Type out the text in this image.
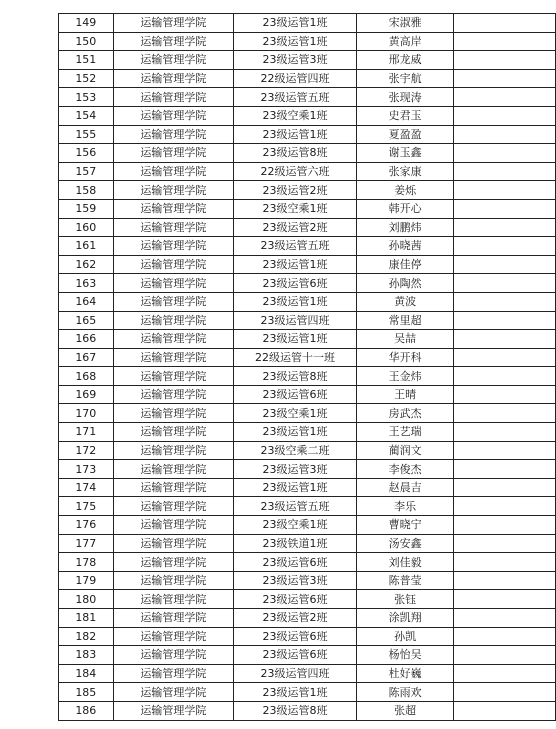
149	运输管理学院	23级运管1班	宋淑雅	
150	运输管理学院	23级运管1班	黄高岸	
151	运输管理学院	23级运管3班	邢龙威	
152	运输管理学院	22级运管四班	张宇航	
153	运输管理学院	23级运管五班	张现涛	
154	运输管理学院	23级空乘1班	史君玉	
155	运输管理学院	23级运管1班	夏盈盈	
156	运输管理学院	23级运管8班	谢玉鑫	
157	运输管理学院	22级运管六班	张家康	
158	运输管理学院	23级运管2班	姜烁	
159	运输管理学院	23级空乘1班	韩开心	
160	运输管理学院	23级运管2班	刘鹏炜	
161	运输管理学院	23级运管五班	孙晓茜	
162	运输管理学院	23级运管1班	康佳停	
163	运输管理学院	23级运管6班	孙陶然	
164	运输管理学院	23级运管1班	黄波	
165	运输管理学院	23级运管四班	常里超	
166	运输管理学院	23级运管1班	吴喆	
167	运输管理学院	22级运管十一班	华开科	
168	运输管理学院	23级运管8班	王金炜	
169	运输管理学院	23级运管6班	王晴	
170	运输管理学院	23级空乘1班	房武杰	
171	运输管理学院	23级运管1班	王艺瑞	
172	运输管理学院	23级空乘二班	蔺润文	
173	运输管理学院	23级运管3班	李俊杰	
174	运输管理学院	23级运管1班	赵晨吉	
175	运输管理学院	23级运管五班	李乐	
176	运输管理学院	23级空乘1班	曹晓宁	
177	运输管理学院	23级铁道1班	汤安鑫	
178	运输管理学院	23级运管6班	刘佳毅	
179	运输管理学院	23级运管3班	陈普莹	
180	运输管理学院	23级运管6班	张钰	
181	运输管理学院	23级运管2班	涂凯翔	
182	运输管理学院	23级运管6班	孙凯	
183	运输管理学院	23级运管6班	杨怡吴	
184	运输管理学院	23级运管四班	杜好巍	
185	运输管理学院	23级运管1班	陈雨欢	
186	运输管理学院	23级运管8班	张超	
